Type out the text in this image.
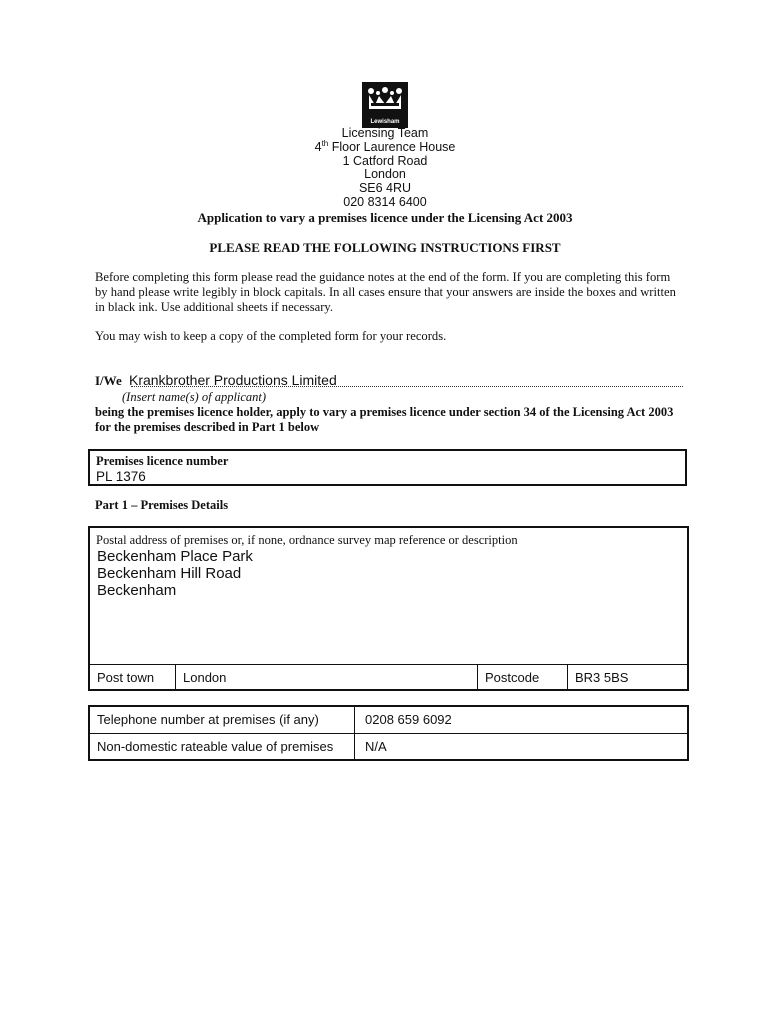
Lewisham
Licensing Team
4th Floor Laurence House
1 Catford Road
London
SE6 4RU
020 8314 6400
Application to vary a premises licence under the Licensing Act 2003
PLEASE READ THE FOLLOWING INSTRUCTIONS FIRST
Before completing this form please read the guidance notes at the end of the form. If you are completing this form by hand please write legibly in block capitals. In all cases ensure that your answers are inside the boxes and written in black ink. Use additional sheets if necessary.
You may wish to keep a copy of the completed form for your records.
I/We Krankbrother Productions Limited
(Insert name(s) of applicant)
being the premises licence holder, apply to vary a premises licence under section 34 of the Licensing Act 2003 for the premises described in Part 1 below
Premises licence number
PL 1376
Part 1 – Premises Details
Postal address of premises or, if none, ordnance survey map reference or description
Beckenham Place Park
Beckenham Hill Road
Beckenham
Post town	London	Postcode	BR3 5BS
Telephone number at premises (if any)	0208 659 6092
Non-domestic rateable value of premises N/A
